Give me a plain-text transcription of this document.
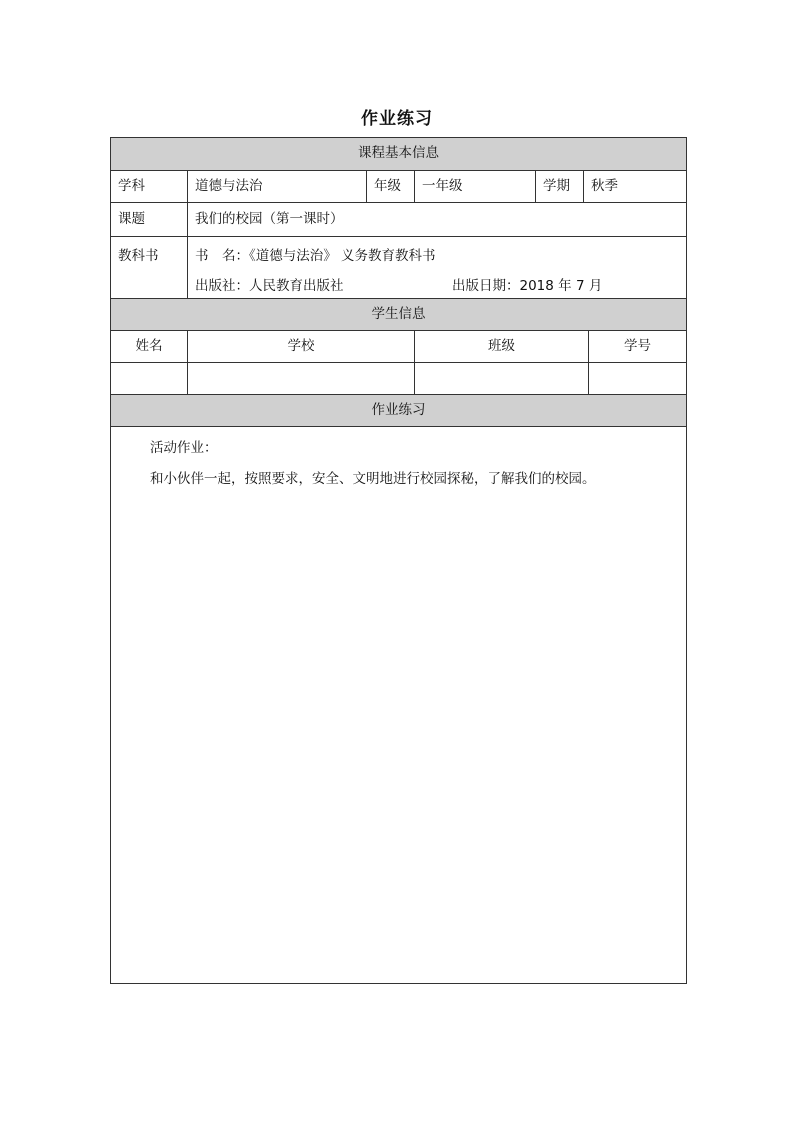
作业练习
课程基本信息
学科	道德与法治	年级	一年级	学期	秋季
课题	我们的校园（第一课时）
教科书	书　名：《道德与法治》 义务教育教科书
出版社：人民教育出版社	出版日期：2018 年 7 月
学生信息
姓名	学校	班级	学号
作业练习
活动作业：
和小伙伴一起，按照要求，安全、文明地进行校园探秘，了解我们的校园。
